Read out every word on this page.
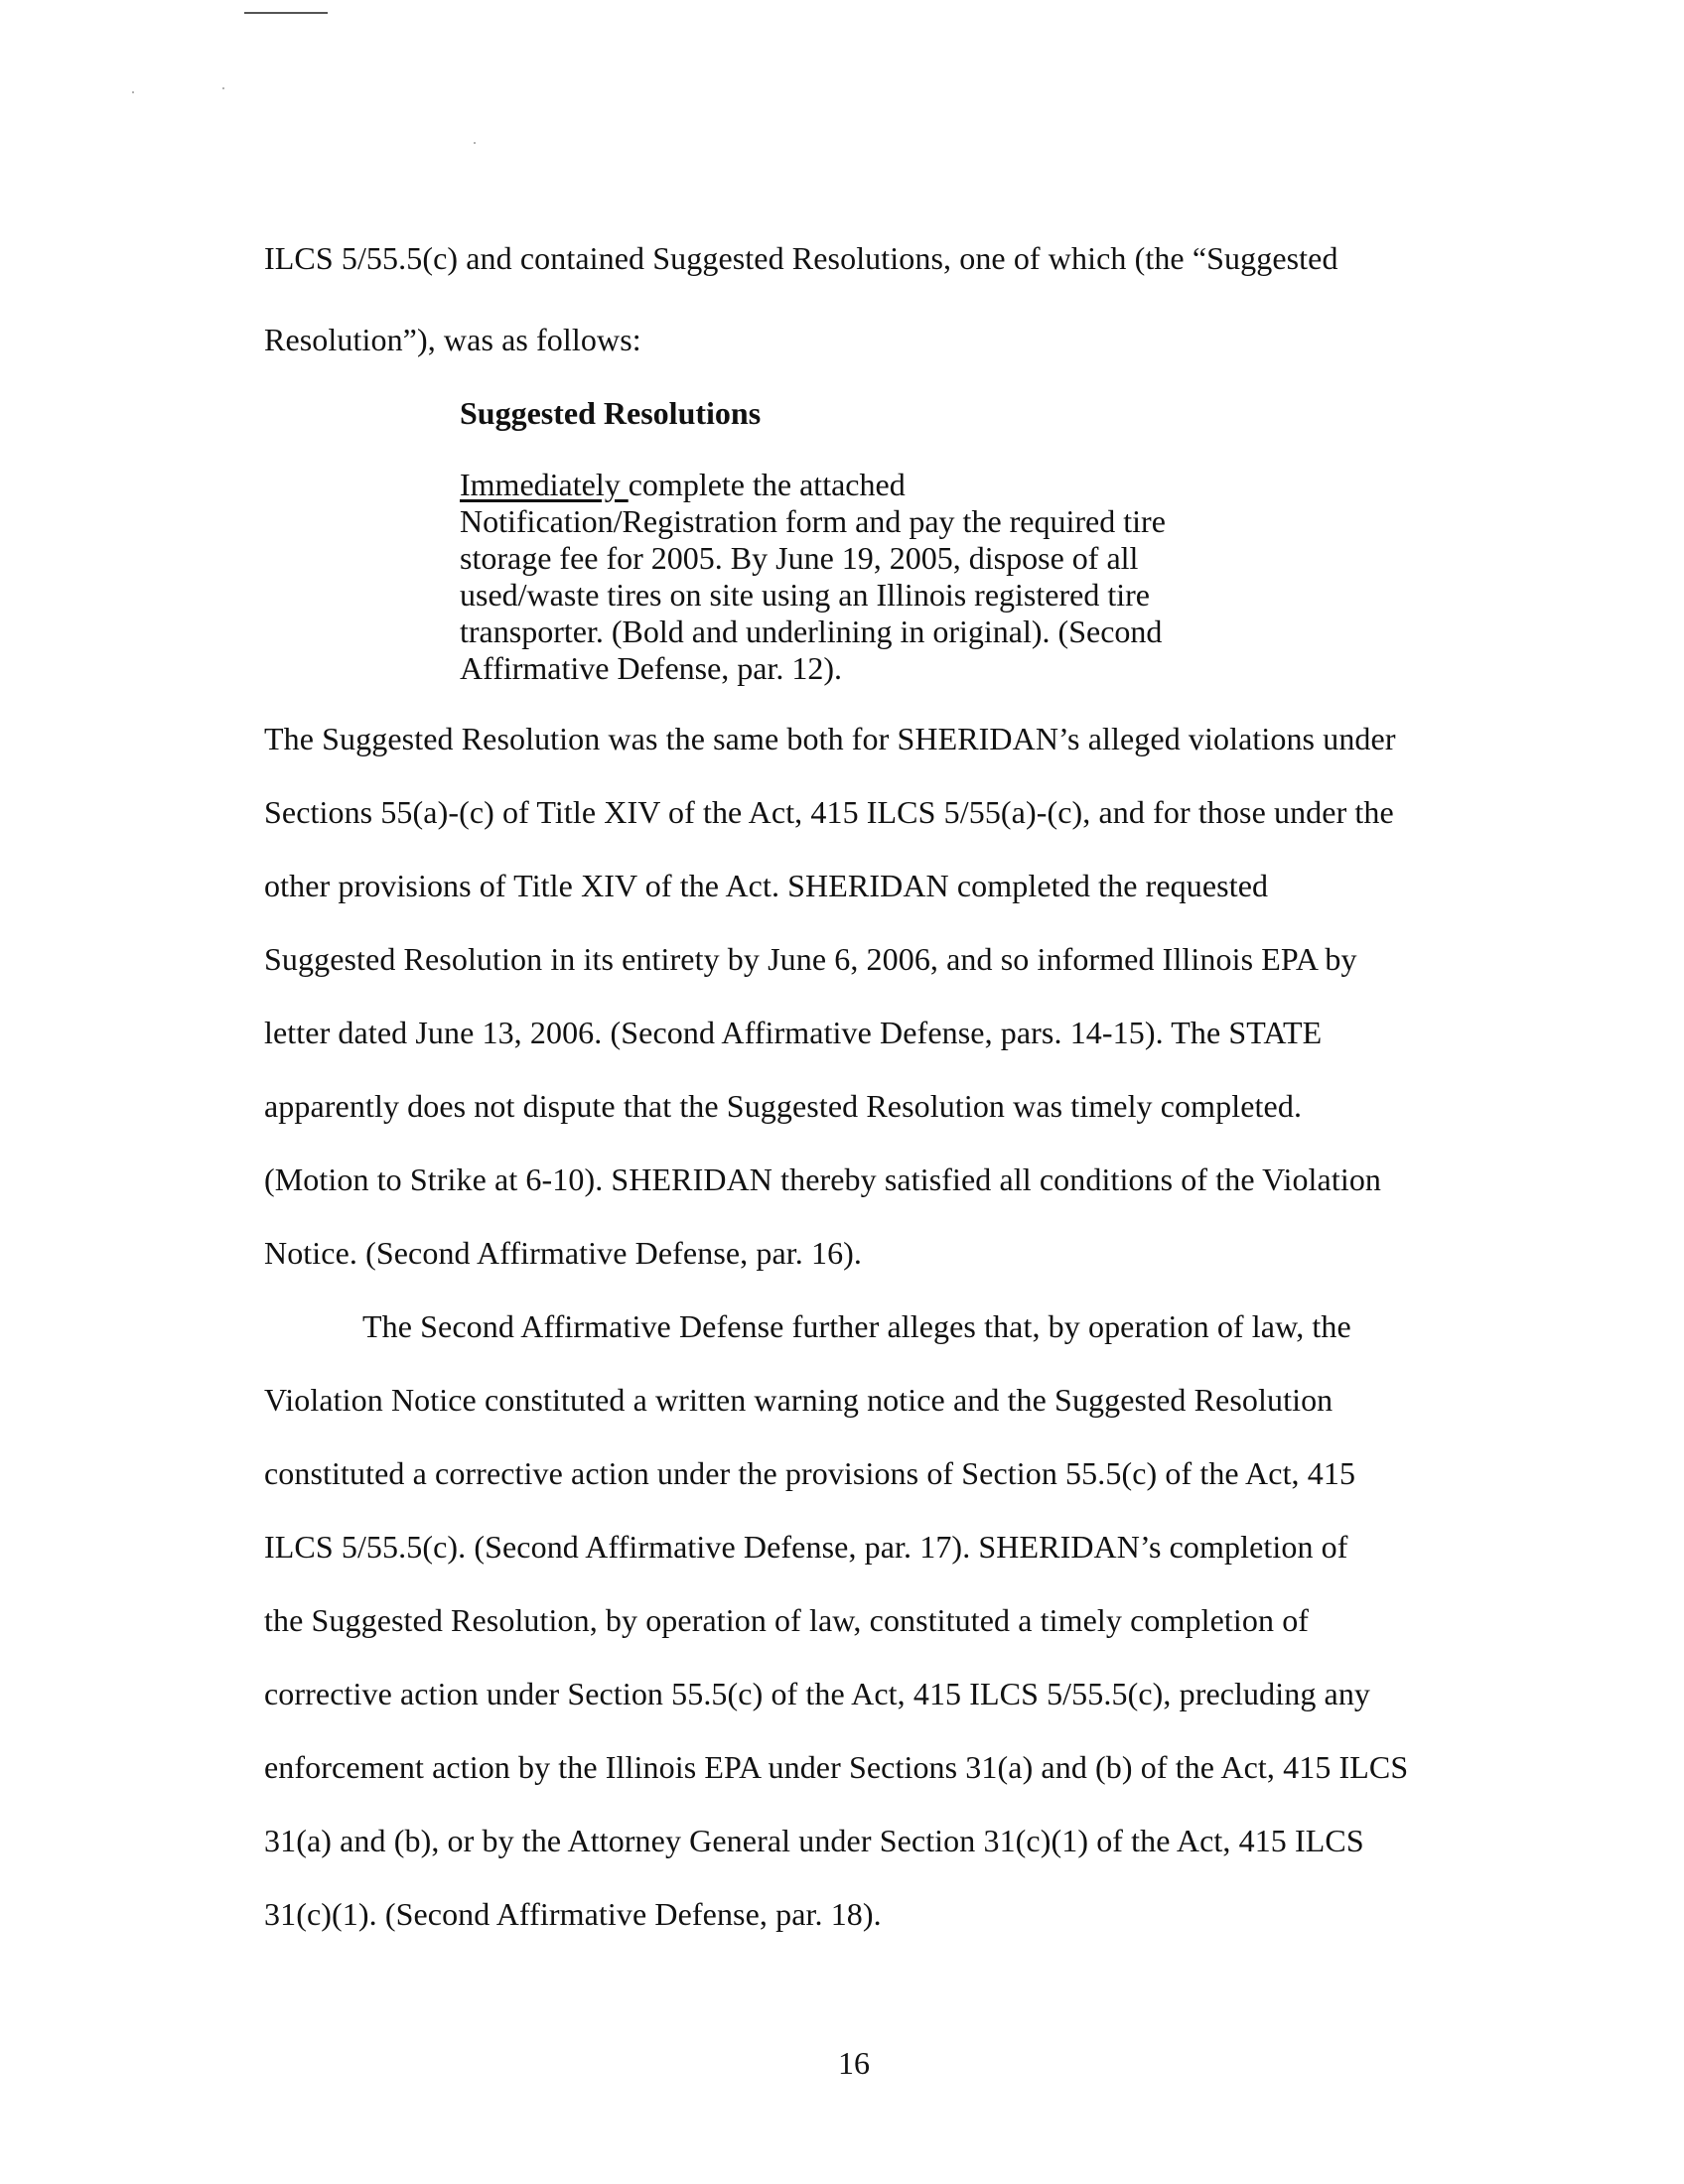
ILCS 5/55.5(c) and contained Suggested Resolutions, one of which (the “Suggested
Resolution”), was as follows:
Suggested Resolutions
Immediately complete the attached
Notification/Registration form and pay the required tire
storage fee for 2005. By June 19, 2005, dispose of all
used/waste tires on site using an Illinois registered tire
transporter. (Bold and underlining in original). (Second
Affirmative Defense, par. 12).
The Suggested Resolution was the same both for SHERIDAN’s alleged violations under
Sections 55(a)-(c) of Title XIV of the Act, 415 ILCS 5/55(a)-(c), and for those under the
other provisions of Title XIV of the Act. SHERIDAN completed the requested
Suggested Resolution in its entirety by June 6, 2006, and so informed Illinois EPA by
letter dated June 13, 2006. (Second Affirmative Defense, pars. 14-15). The STATE
apparently does not dispute that the Suggested Resolution was timely completed.
(Motion to Strike at 6-10). SHERIDAN thereby satisfied all conditions of the Violation
Notice. (Second Affirmative Defense, par. 16).
The Second Affirmative Defense further alleges that, by operation of law, the
Violation Notice constituted a written warning notice and the Suggested Resolution
constituted a corrective action under the provisions of Section 55.5(c) of the Act, 415
ILCS 5/55.5(c). (Second Affirmative Defense, par. 17). SHERIDAN’s completion of
the Suggested Resolution, by operation of law, constituted a timely completion of
corrective action under Section 55.5(c) of the Act, 415 ILCS 5/55.5(c), precluding any
enforcement action by the Illinois EPA under Sections 31(a) and (b) of the Act, 415 ILCS
31(a) and (b), or by the Attorney General under Section 31(c)(1) of the Act, 415 ILCS
31(c)(1). (Second Affirmative Defense, par. 18).
16
